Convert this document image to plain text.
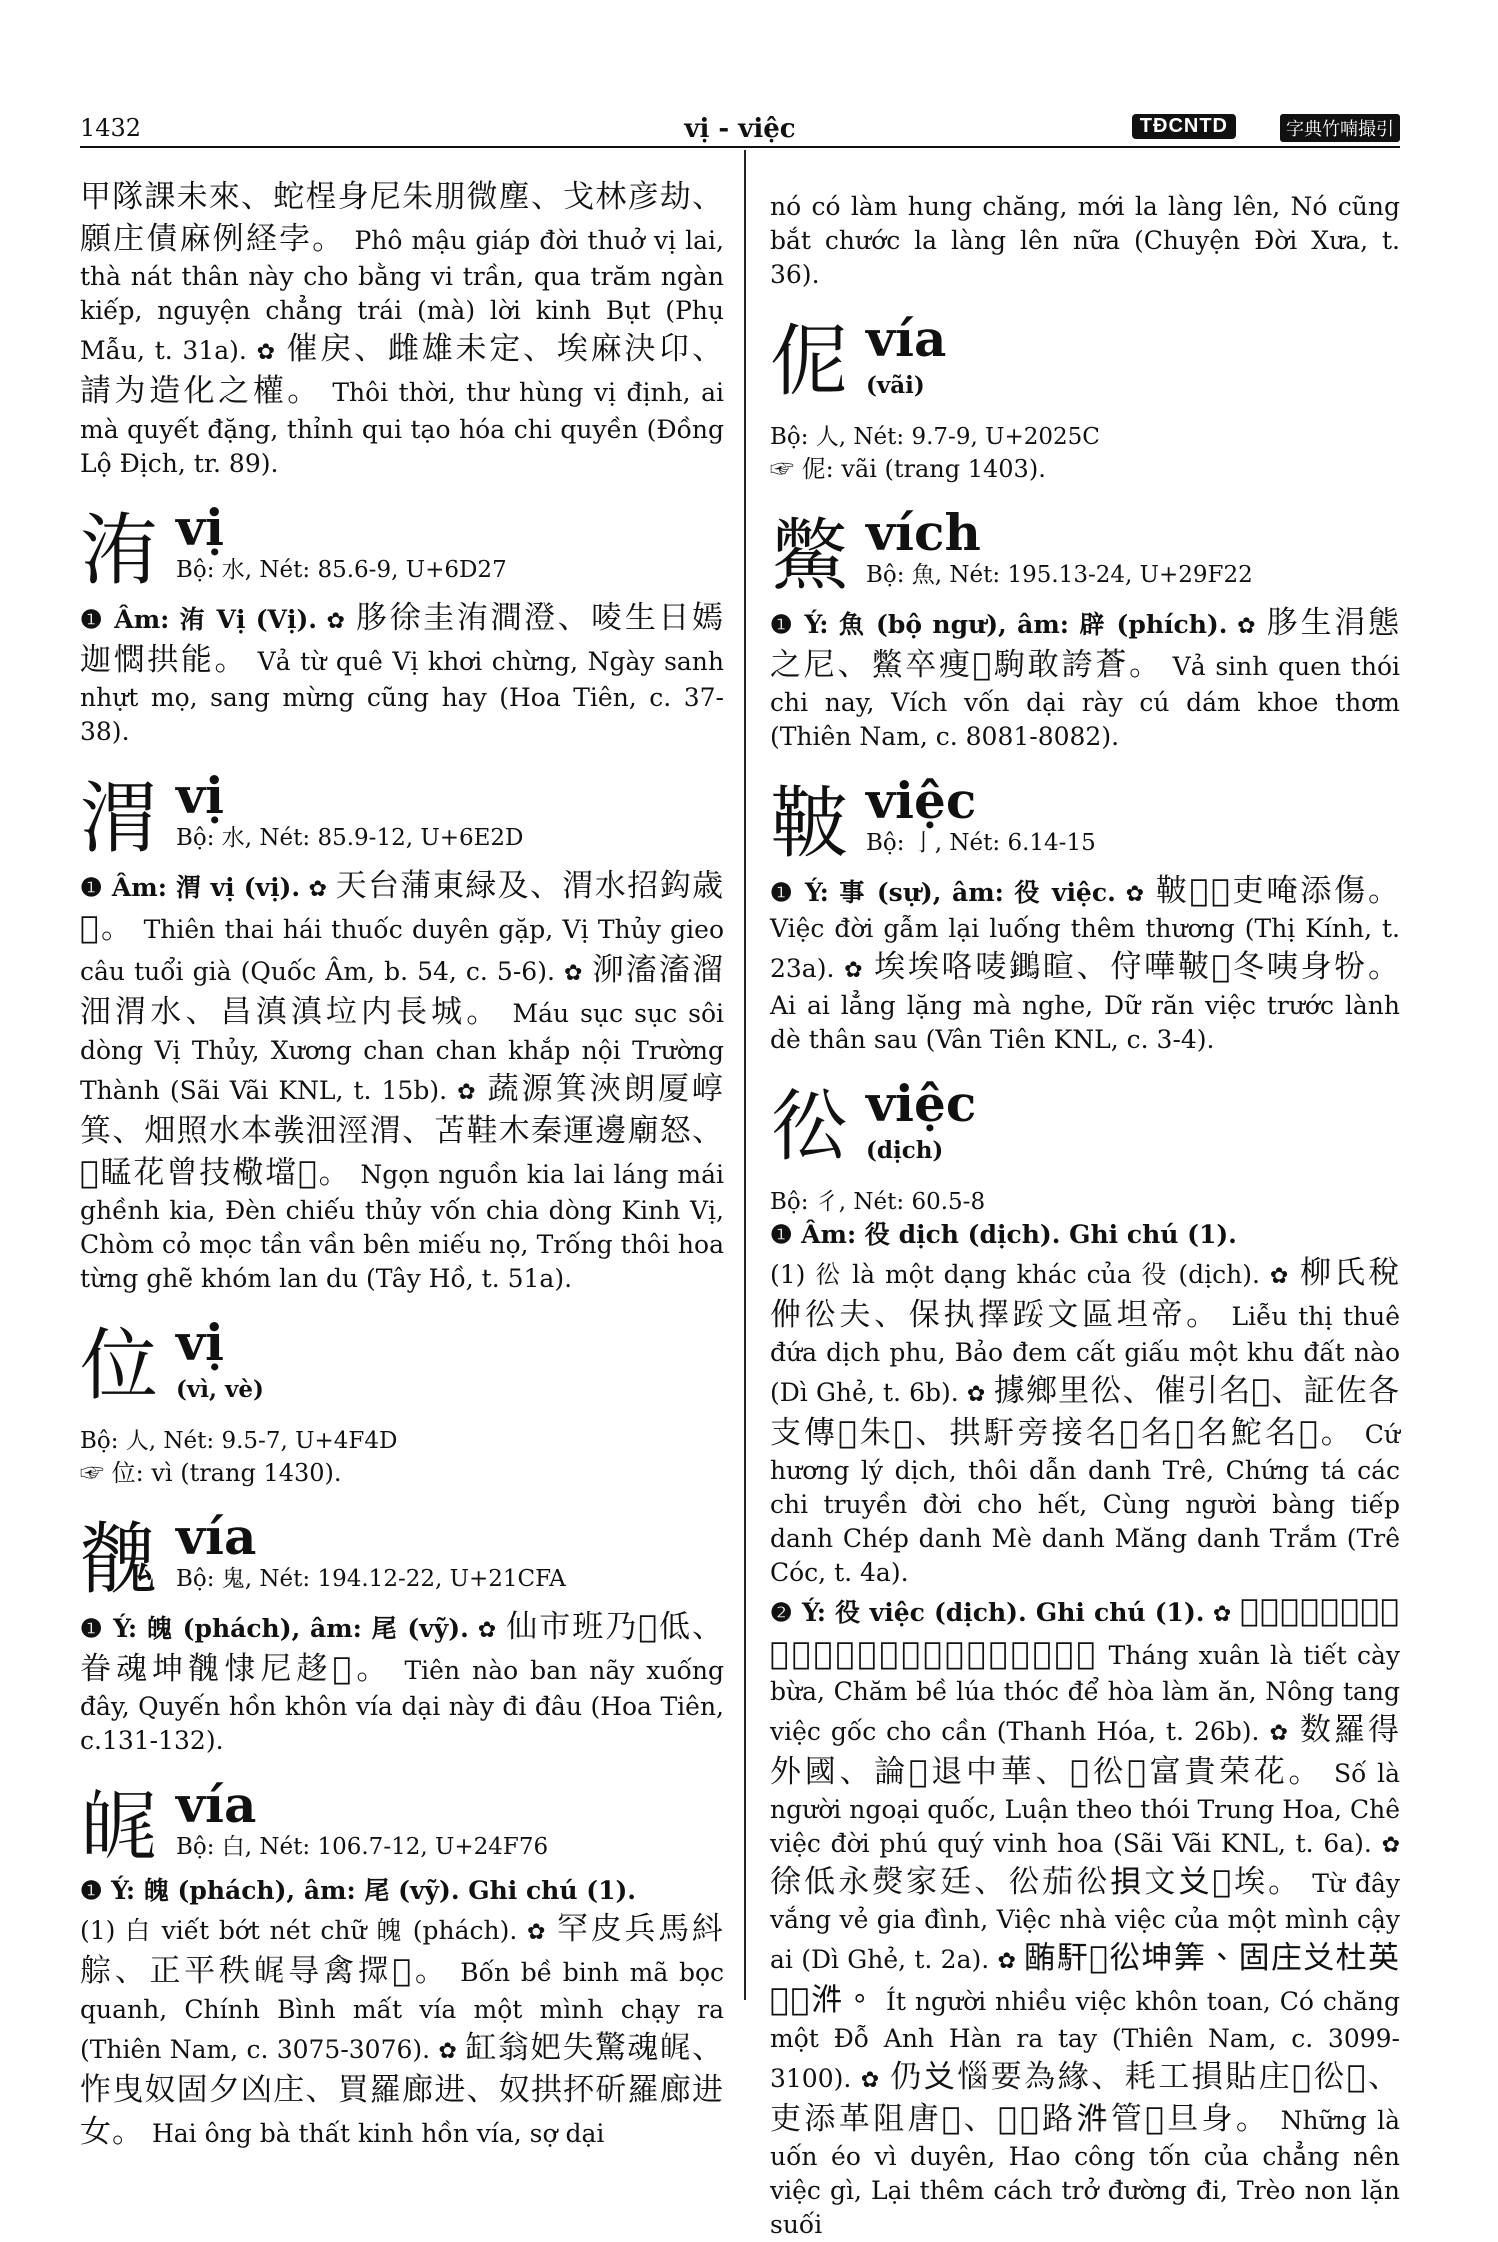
1432	vị - việc	TĐCNTD	字典竹喃撮引

甲隊課未來、蛇桯身尼朱朋微塵、戈林彦劫、願庄債麻例経孛。 Phô mậu giáp đời thuở vị lai, thà nát thân này cho bằng vi trần, qua trăm ngàn kiếp, nguyện chẳng trái (mà) lời kinh Bụt (Phụ Mẫu, t. 31a). ✿ 催戻、雌雄未定、埃麻決卬、請为造化之權。 Thôi thời, thư hùng vị định, ai mà quyết đặng, thỉnh qui tạo hóa chi quyền (Đồng Lộ Địch, tr. 89).

洧 vị
Bộ: 水, Nét: 85.6-9, U+6D27

❶ Âm: 洧 Vị (Vị). ✿ 䏧徐圭洧澗澄、㖫生日嫣迦㦖拱能。 Vả từ quê Vị khơi chừng, Ngày sanh nhựt mọ, sang mừng cũng hay (Hoa Tiên, c. 37-38).

渭 vị
Bộ: 水, Nét: 85.9-12, U+6E2D

❶ Âm: 渭 vị (vị). ✿ 天台蒲東緑及、渭水招鈎歳𦁂。 Thiên thai hái thuốc duyên gặp, Vị Thủy gieo câu tuổi già (Quốc Âm, b. 54, c. 5-6). ✿ 泖滀滀溜沺渭水、昌滇滇垃内長城。 Máu sục sục sôi dòng Vị Thủy, Xương chan chan khắp nội Trường Thành (Sãi Vãi KNL, t. 15b). ✿ 蔬源箕浹朗厦崞箕、畑照水本彂沺涇渭、苫鞋木秦運邊廟怒、𦬑䁅花曾技㯳壋𧀒。 Ngọn nguồn kia lai láng mái ghềnh kia, Đèn chiếu thủy vốn chia dòng Kinh Vị, Chòm cỏ mọc tần vần bên miếu nọ, Trống thôi hoa từng ghẽ khóm lan du (Tây Hồ, t. 51a).

位 vị
(vì, vè)

Bộ: 人, Nét: 9.5-7, U+4F4D

☞ 位: vì (trang 1430).

䰪 vía
Bộ: 鬼, Nét: 194.12-22, U+21CFA

❶ Ý: 魄 (phách), âm: 尾 (vỹ). ✿ 仙市班乃𣍊低、眷魂坤䰪㥆尼趍𢿘。 Tiên nào ban nãy xuống đây, Quyến hồn khôn vía dại này đi đâu (Hoa Tiên, c.131-132).

𤽶 vía
Bộ: 白, Nét: 106.7-12, U+24F76

❶ Ý: 魄 (phách), âm: 尾 (vỹ). Ghi chú (1).

(1) 白 viết bớt nét chữ 魄 (phách). ✿ 罕皮兵馬紏䑸、正平秩𤽶㝵禽𢶢𤴬。 Bốn bề binh mã bọc quanh, Chính Bình mất vía một mình chạy ra (Thiên Nam, c. 3075-3076). ✿ 缸翁妑失驚魂𤽶、怍曳奴固夕凶庄、買羅廊进、奴拱抔斫羅廊进女。 Hai ông bà thất kinh hồn vía, sợ dại

nó có làm hung chăng, mới la làng lên, Nó cũng bắt chước la làng lên nữa (Chuyện Đời Xưa, t. 36).

伲 vía
(vãi)

Bộ: 人, Nét: 9.7-9, U+2025C

☞ 伲: vãi (trang 1403).

鱉 vích
Bộ: 魚, Nét: 195.13-24, U+29F22

❶ Ý: 魚 (bộ ngư), âm: 辟 (phích). ✿ 䏧生涓態之尼、鱉卒痩𤷱駒敢誇蒼。 Vả sinh quen thói chi nay, Vích vốn dại rày cú dám khoe thơm (Thiên Nam, c. 8081-8082).

鞁 việc
Bộ: 亅, Nét: 6.14-15

❶ Ý: 事 (sự), âm: 役 việc. ✿ 鞁𡲫𡃍吏唵添傷。 Việc đời gẫm lại luống thêm thương (Thị Kính, t. 23a). ✿ 埃埃咯唛𪆷暄、㑏嘩鞁𧹟冬咦身㸮。 Ai ai lẳng lặng mà nghe, Dữ răn việc trước lành dè thân sau (Vân Tiên KNL, c. 3-4).

彸 việc
(dịch)

Bộ: 彳, Nét: 60.5-8

❶ Âm: 役 dịch (dịch). Ghi chú (1).

(1) 彸 là một dạng khác của 役 (dịch). ✿ 柳氏稅㑖彸夫、保执擇𨁡文區坦帝。 Liễu thị thuê đứa dịch phu, Bảo đem cất giấu một khu đất nào (Dì Ghẻ, t. 6b). ✿ 據鄉里彸、催引名𫷜、証佐各支傳𠸦朱𢧚、拱馯旁接名𩵜名𩶅名鮀名𩶠。 Cứ hương lý dịch, thôi dẫn danh Trê, Chứng tá các chi truyền đời cho hết, Cùng người bàng tiếp danh Chép danh Mè danh Măng danh Trắm (Trê Cóc, t. 4a).

❷ Ý: 役 việc (dịch). Ghi chú (1). ✿ 𣎃春羅節𦓿𦔳、篾皮𥠃秃底和夕咹、農桑彸棝朱勤。 Tháng xuân là tiết cày bừa, Chăm bề lúa thóc để hòa làm ăn, Nông tang việc gốc cho cần (Thanh Hóa, t. 26b). ✿ 数羅得外國、論𨀈退中華、𠱋彸𦬑富貴荣花。 Số là người ngoại quốc, Luận theo thói Trung Hoa, Chê việc đời phú quý vinh hoa (Sãi Vãi KNL, t. 6a). ✿ 徐低永㷫家廷、彸茄彸𢭲文𠬠𢚸埃。 Từ đây vắng vẻ gia đình, Việc nhà việc của một mình cậy ai (Dì Ghẻ, t. 2a). ✿ 𣎏馯𧯄彸坤筭、固庄𠬠杜英𤿰𩙻𣴓。 Ít người nhiều việc khôn toan, Có chăng một Đỗ Anh Hàn ra tay (Thiên Nam, c. 3099-3100). ✿ 仍𠬠惱要為緣、耗工損貼庄𢧚彸𢀭、吏添革阻唐𢀨、𨆢𡽫路𣴓管𢀭旦身。 Những là uốn éo vì duyên, Hao công tốn của chẳng nên việc gì, Lại thêm cách trở đường đi, Trèo non lặn suối
